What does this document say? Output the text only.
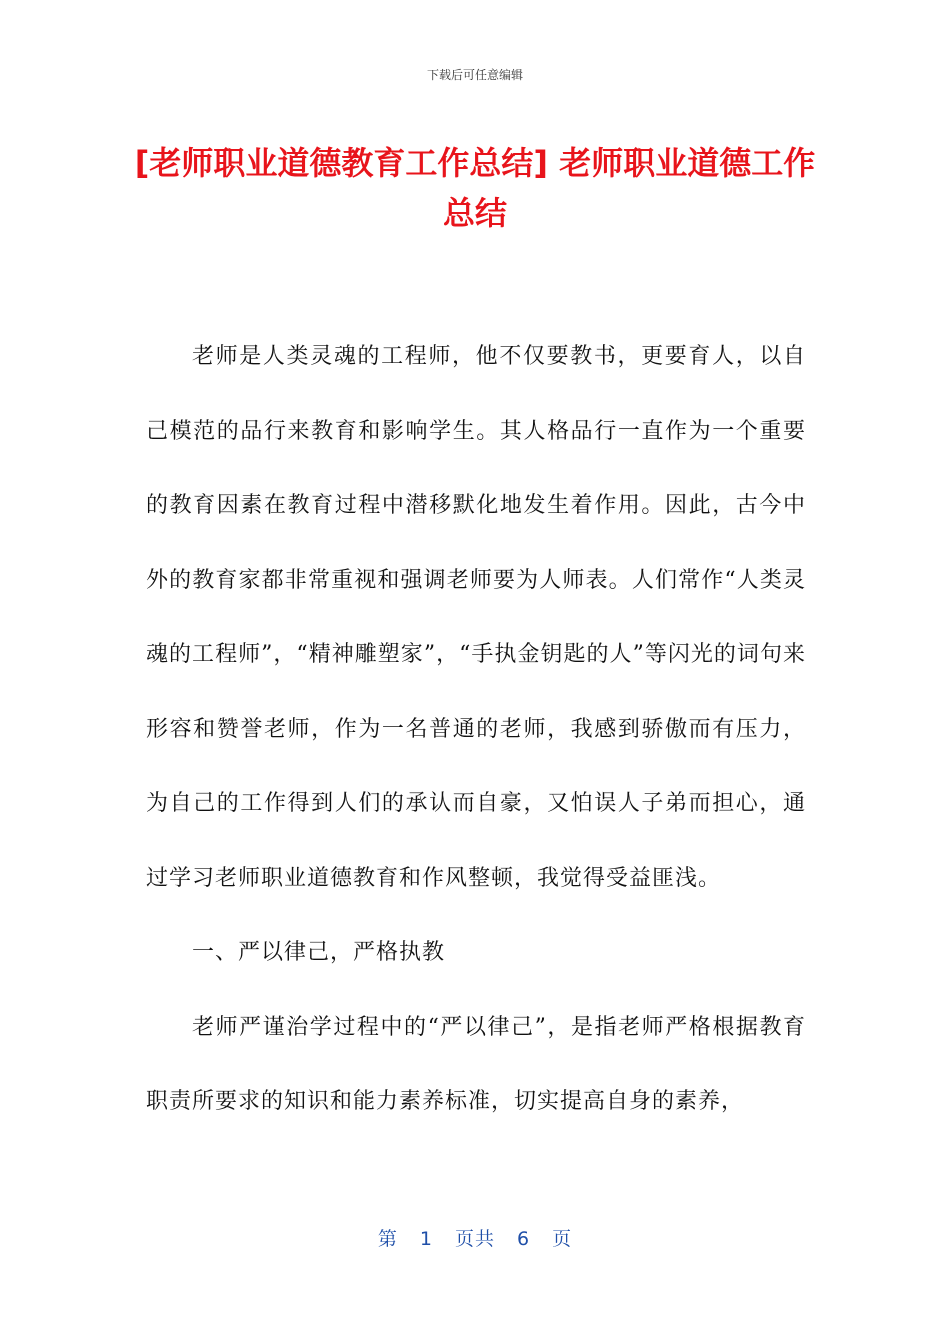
下载后可任意编辑
[老师职业道德教育工作总结] 老师职业道德工作总结

老师是人类灵魂的工程师，他不仅要教书，更要育人，以自己模范的品行来教育和影响学生。其人格品行一直作为一个重要的教育因素在教育过程中潜移默化地发生着作用。因此，古今中外的教育家都非常重视和强调老师要为人师表。人们常作“人类灵魂的工程师”，“精神雕塑家”，“手执金钥匙的人”等闪光的词句来形容和赞誉老师，作为一名普通的老师，我感到骄傲而有压力，为自己的工作得到人们的承认而自豪，又怕误人子弟而担心，通过学习老师职业道德教育和作风整顿，我觉得受益匪浅。

一、严以律己，严格执教

老师严谨治学过程中的“严以律己”，是指老师严格根据教育职责所要求的知识和能力素养标准，切实提高自身的素养，

第 1 页共 6 页
